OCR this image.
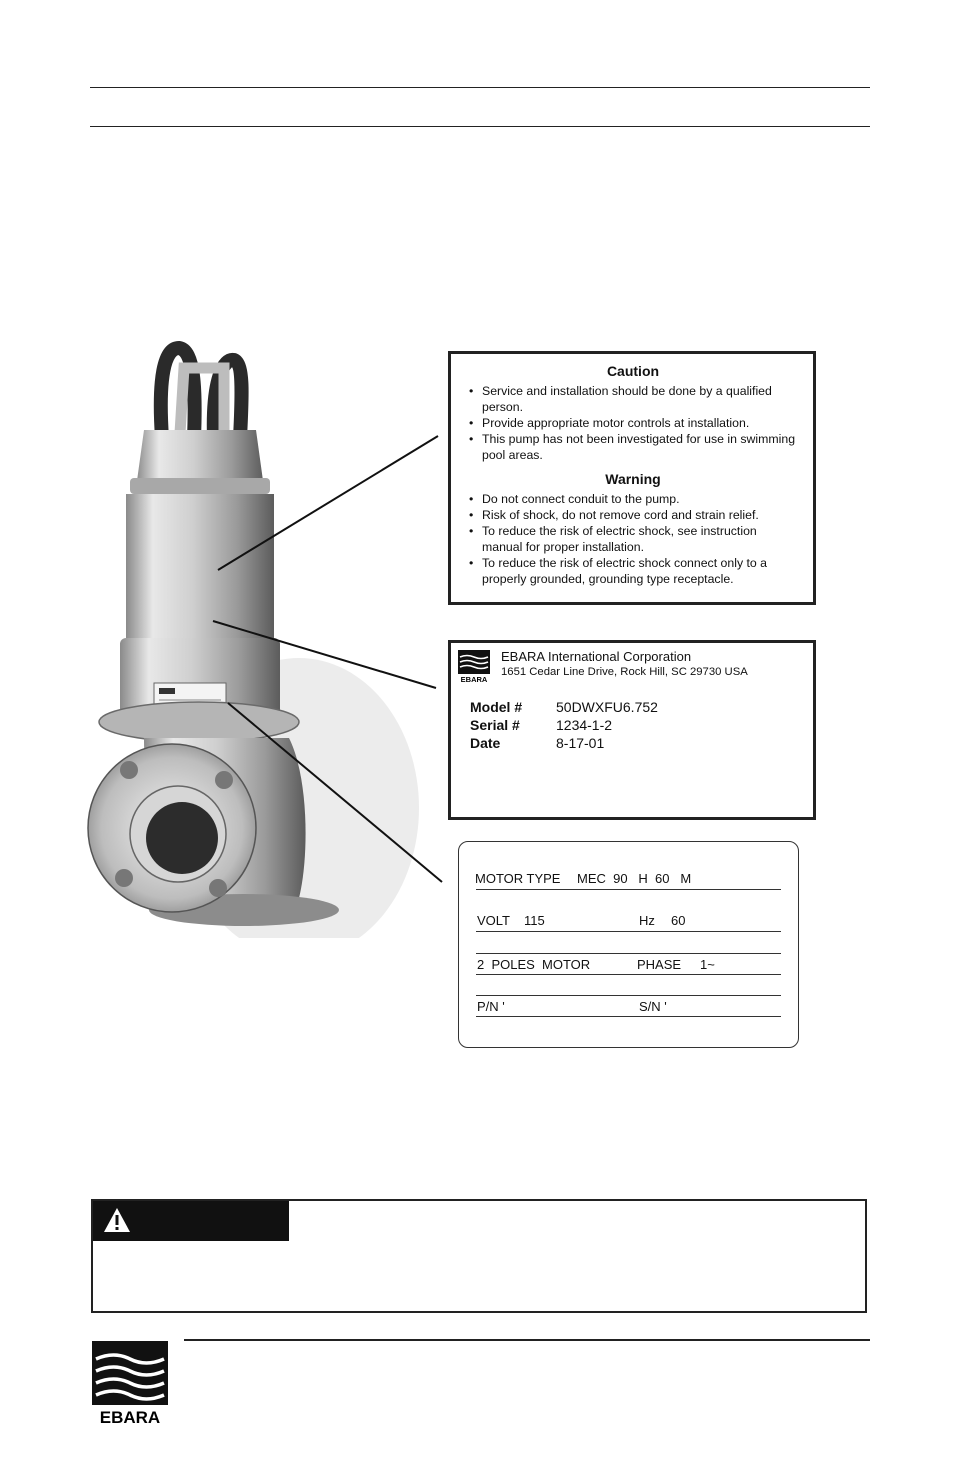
Caution
• Service and installation should be done by a qualified person.
• Provide appropriate motor controls at installation.
• This pump has not been investigated for use in swimming pool areas.
Warning
• Do not connect conduit to the pump.
• Risk of shock, do not remove cord and strain relief.
• To reduce the risk of electric shock, see instruction manual for proper installation.
• To reduce the risk of electric shock connect only to a properly grounded, grounding type receptacle.
EBARA
EBARA International Corporation
1651 Cedar Line Drive, Rock Hill, SC 29730 USA
Model # 50DWXFU6.752
Serial #	1234-1-2
Date	8-17-01
MOTOR TYPE MEC  90   H  60   M
VOLT 115	Hz 60
2  POLES  MOTOR	PHASE 1~
P/N '	S/N '
EBARA
